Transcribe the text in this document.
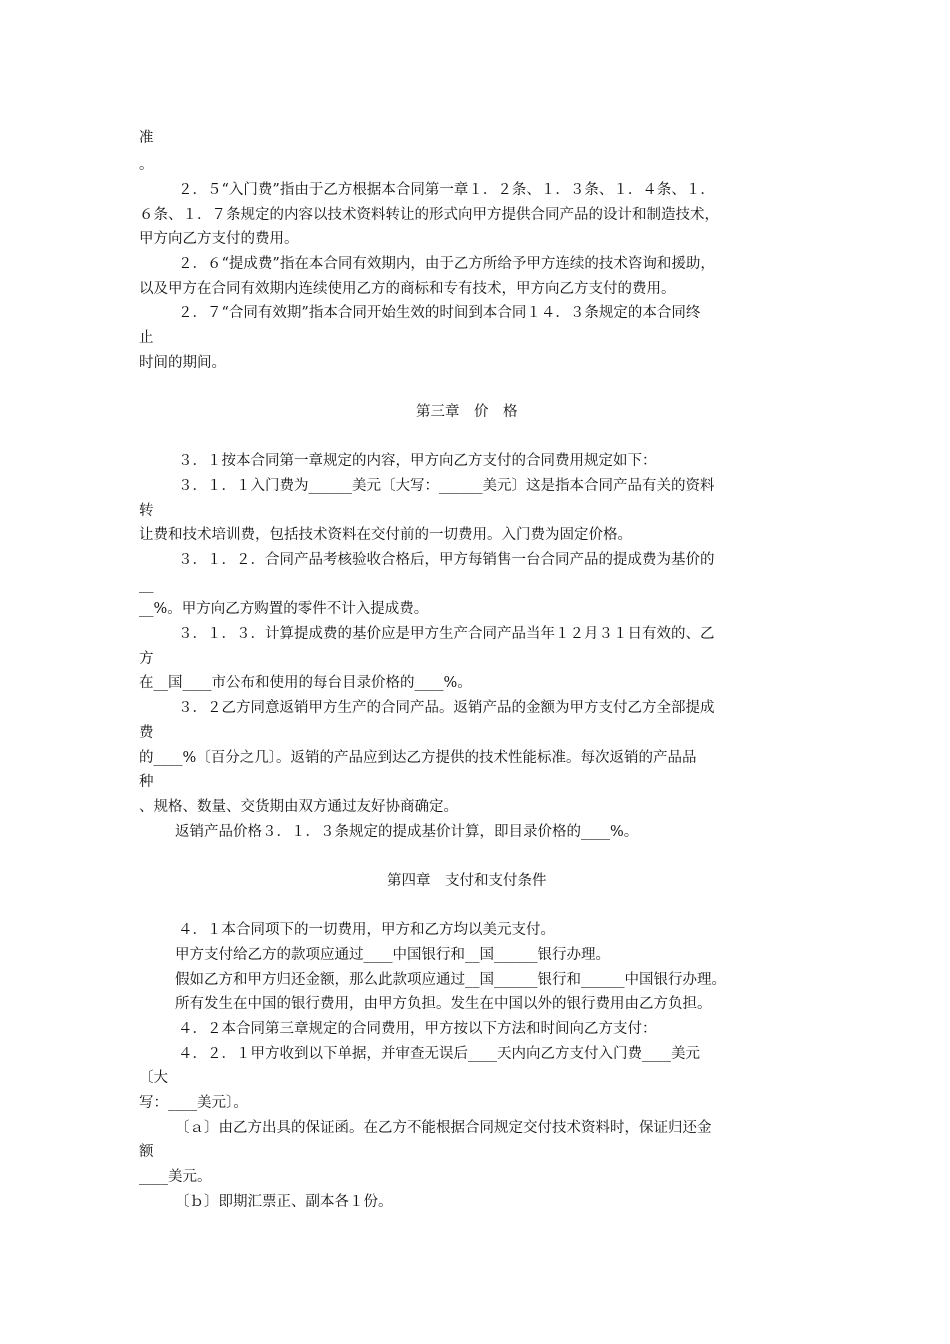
准
。
２．５“入门费”指由于乙方根据本合同第一章１．２条、１．３条、１．４条、１．
６条、１．７条规定的内容以技术资料转让的形式向甲方提供合同产品的设计和制造技术，
甲方向乙方支付的费用。
２．６“提成费”指在本合同有效期内，由于乙方所给予甲方连续的技术咨询和援助，
以及甲方在合同有效期内连续使用乙方的商标和专有技术，甲方向乙方支付的费用。
２．７“合同有效期”指本合同开始生效的时间到本合同１４．３条规定的本合同终
止
时间的期间。
第三章　价　格
３．１按本合同第一章规定的内容，甲方向乙方支付的合同费用规定如下：
３．１．１入门费为______美元〔大写：______美元〕这是指本合同产品有关的资料
转
让费和技术培训费，包括技术资料在交付前的一切费用。入门费为固定价格。
３．１．２．合同产品考核验收合格后，甲方每销售一台合同产品的提成费为基价的
__
__%。甲方向乙方购置的零件不计入提成费。
３．１．３．计算提成费的基价应是甲方生产合同产品当年１２月３１日有效的、乙
方
在__国____市公布和使用的每台目录价格的____%。
３．２乙方同意返销甲方生产的合同产品。返销产品的金额为甲方支付乙方全部提成
费
的____%〔百分之几〕。返销的产品应到达乙方提供的技术性能标准。每次返销的产品品
种
、规格、数量、交货期由双方通过友好协商确定。
返销产品价格３．１．３条规定的提成基价计算，即目录价格的____%。
第四章　支付和支付条件
４．１本合同项下的一切费用，甲方和乙方均以美元支付。
甲方支付给乙方的款项应通过____中国银行和__国______银行办理。
假如乙方和甲方归还金额，那么此款项应通过__国______银行和______中国银行办理。
所有发生在中国的银行费用，由甲方负担。发生在中国以外的银行费用由乙方负担。
４．２本合同第三章规定的合同费用，甲方按以下方法和时间向乙方支付：
４．２．１甲方收到以下单据，并审查无误后____天内向乙方支付入门费____美元
〔大
写：____美元〕。
〔ａ〕由乙方出具的保证函。在乙方不能根据合同规定交付技术资料时，保证归还金
额
____美元。
〔ｂ〕即期汇票正、副本各１份。
